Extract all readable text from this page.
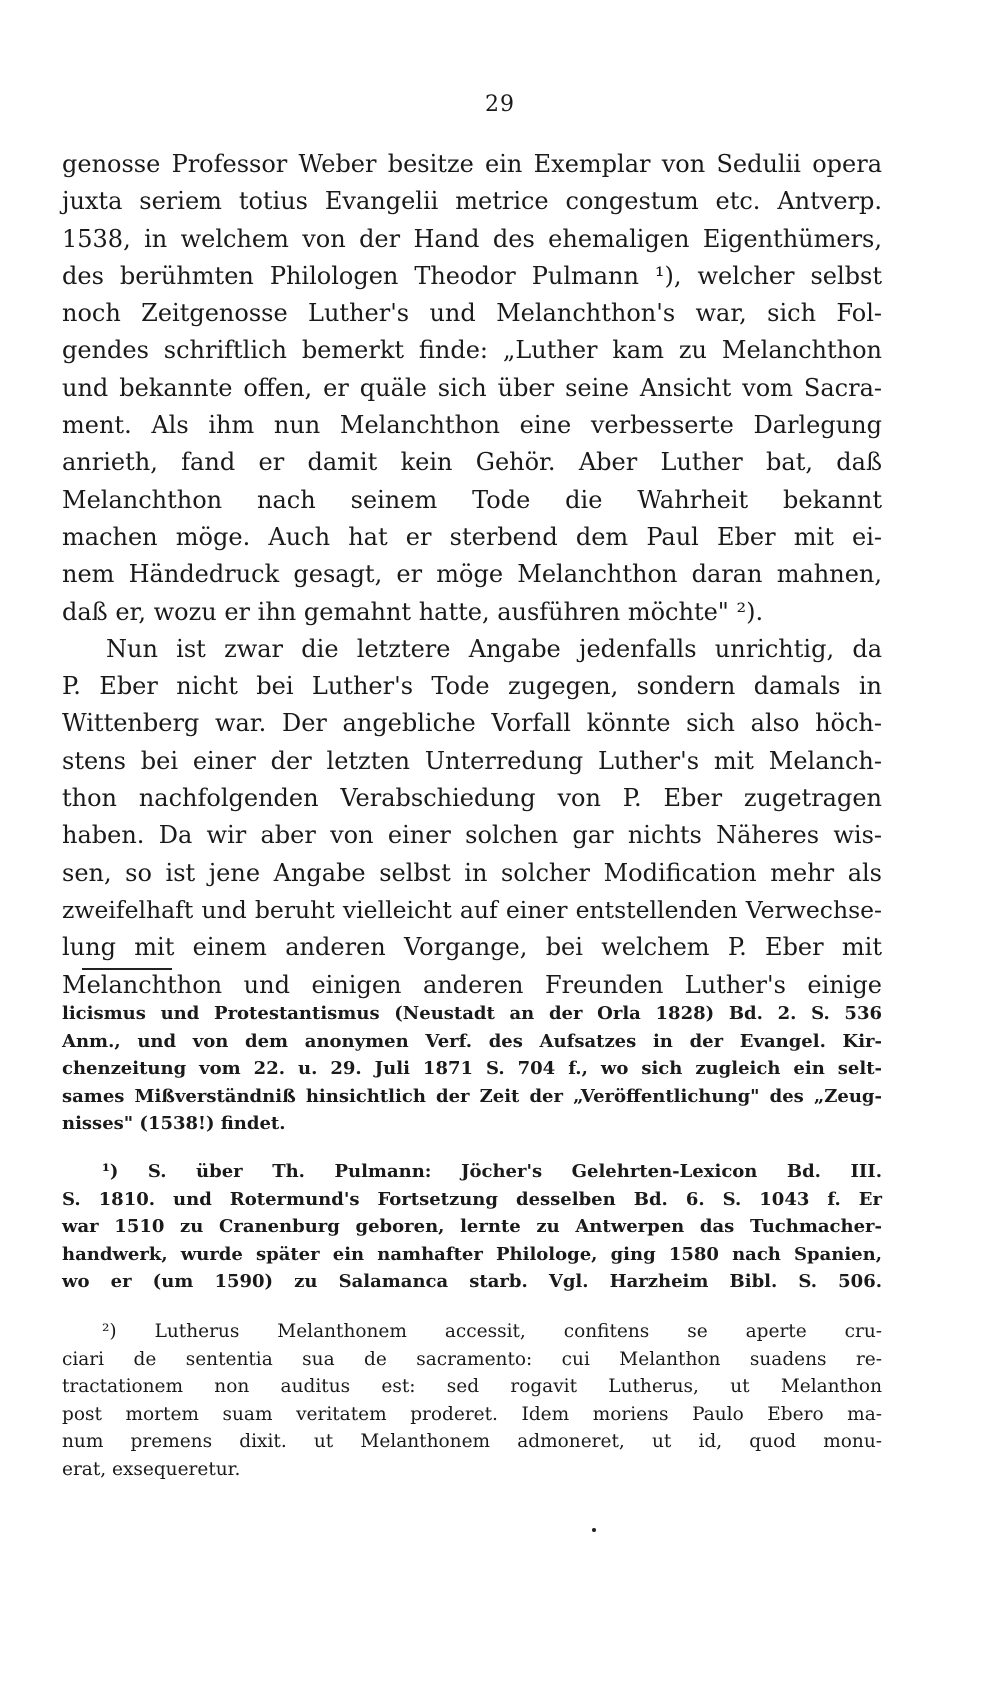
29
genosse Professor Weber besitze ein Exemplar von Sedulii opera
juxta seriem totius Evangelii metrice congestum etc. Antverp.
1538, in welchem von der Hand des ehemaligen Eigenthümers,
des berühmten Philologen Theodor Pulmann ¹), welcher selbst
noch Zeitgenosse Luther's und Melanchthon's war, sich Fol-
gendes schriftlich bemerkt finde: „Luther kam zu Melanchthon
und bekannte offen, er quäle sich über seine Ansicht vom Sacra-
ment. Als ihm nun Melanchthon eine verbesserte Darlegung
anrieth, fand er damit kein Gehör. Aber Luther bat, daß
Melanchthon nach seinem Tode die Wahrheit bekannt
machen möge. Auch hat er sterbend dem Paul Eber mit ei-
nem Händedruck gesagt, er möge Melanchthon daran mahnen,
daß er, wozu er ihn gemahnt hatte, ausführen möchte" ²).
Nun ist zwar die letztere Angabe jedenfalls unrichtig, da
P. Eber nicht bei Luther's Tode zugegen, sondern damals in
Wittenberg war. Der angebliche Vorfall könnte sich also höch-
stens bei einer der letzten Unterredung Luther's mit Melanch-
thon nachfolgenden Verabschiedung von P. Eber zugetragen
haben. Da wir aber von einer solchen gar nichts Näheres wis-
sen, so ist jene Angabe selbst in solcher Modification mehr als
zweifelhaft und beruht vielleicht auf einer entstellenden Verwechse-
lung mit einem anderen Vorgange, bei welchem P. Eber mit
Melanchthon und einigen anderen Freunden Luther's einige
licismus und Protestantismus (Neustadt an der Orla 1828) Bd. 2. S. 536
Anm., und von dem anonymen Verf. des Aufsatzes in der Evangel. Kir-
chenzeitung vom 22. u. 29. Juli 1871 S. 704 f., wo sich zugleich ein selt-
sames Mißverständniß hinsichtlich der Zeit der „Veröffentlichung" des „Zeug-
nisses" (1538!) findet.
¹) S. über Th. Pulmann: Jöcher's Gelehrten-Lexicon Bd. III.
S. 1810. und Rotermund's Fortsetzung desselben Bd. 6. S. 1043 f. Er
war 1510 zu Cranenburg geboren, lernte zu Antwerpen das Tuchmacher-
handwerk, wurde später ein namhafter Philologe, ging 1580 nach Spanien,
wo er (um 1590) zu Salamanca starb. Vgl. Harzheim Bibl. S. 506.
²) Lutherus Melanthonem accessit, confitens se aperte cru-
ciari de sententia sua de sacramento: cui Melanthon suadens re-
tractationem non auditus est: sed rogavit Lutherus, ut Melanthon
post mortem suam veritatem proderet. Idem moriens Paulo Ebero ma-
num premens dixit. ut Melanthonem admoneret, ut id, quod monu-
erat, exsequeretur.
